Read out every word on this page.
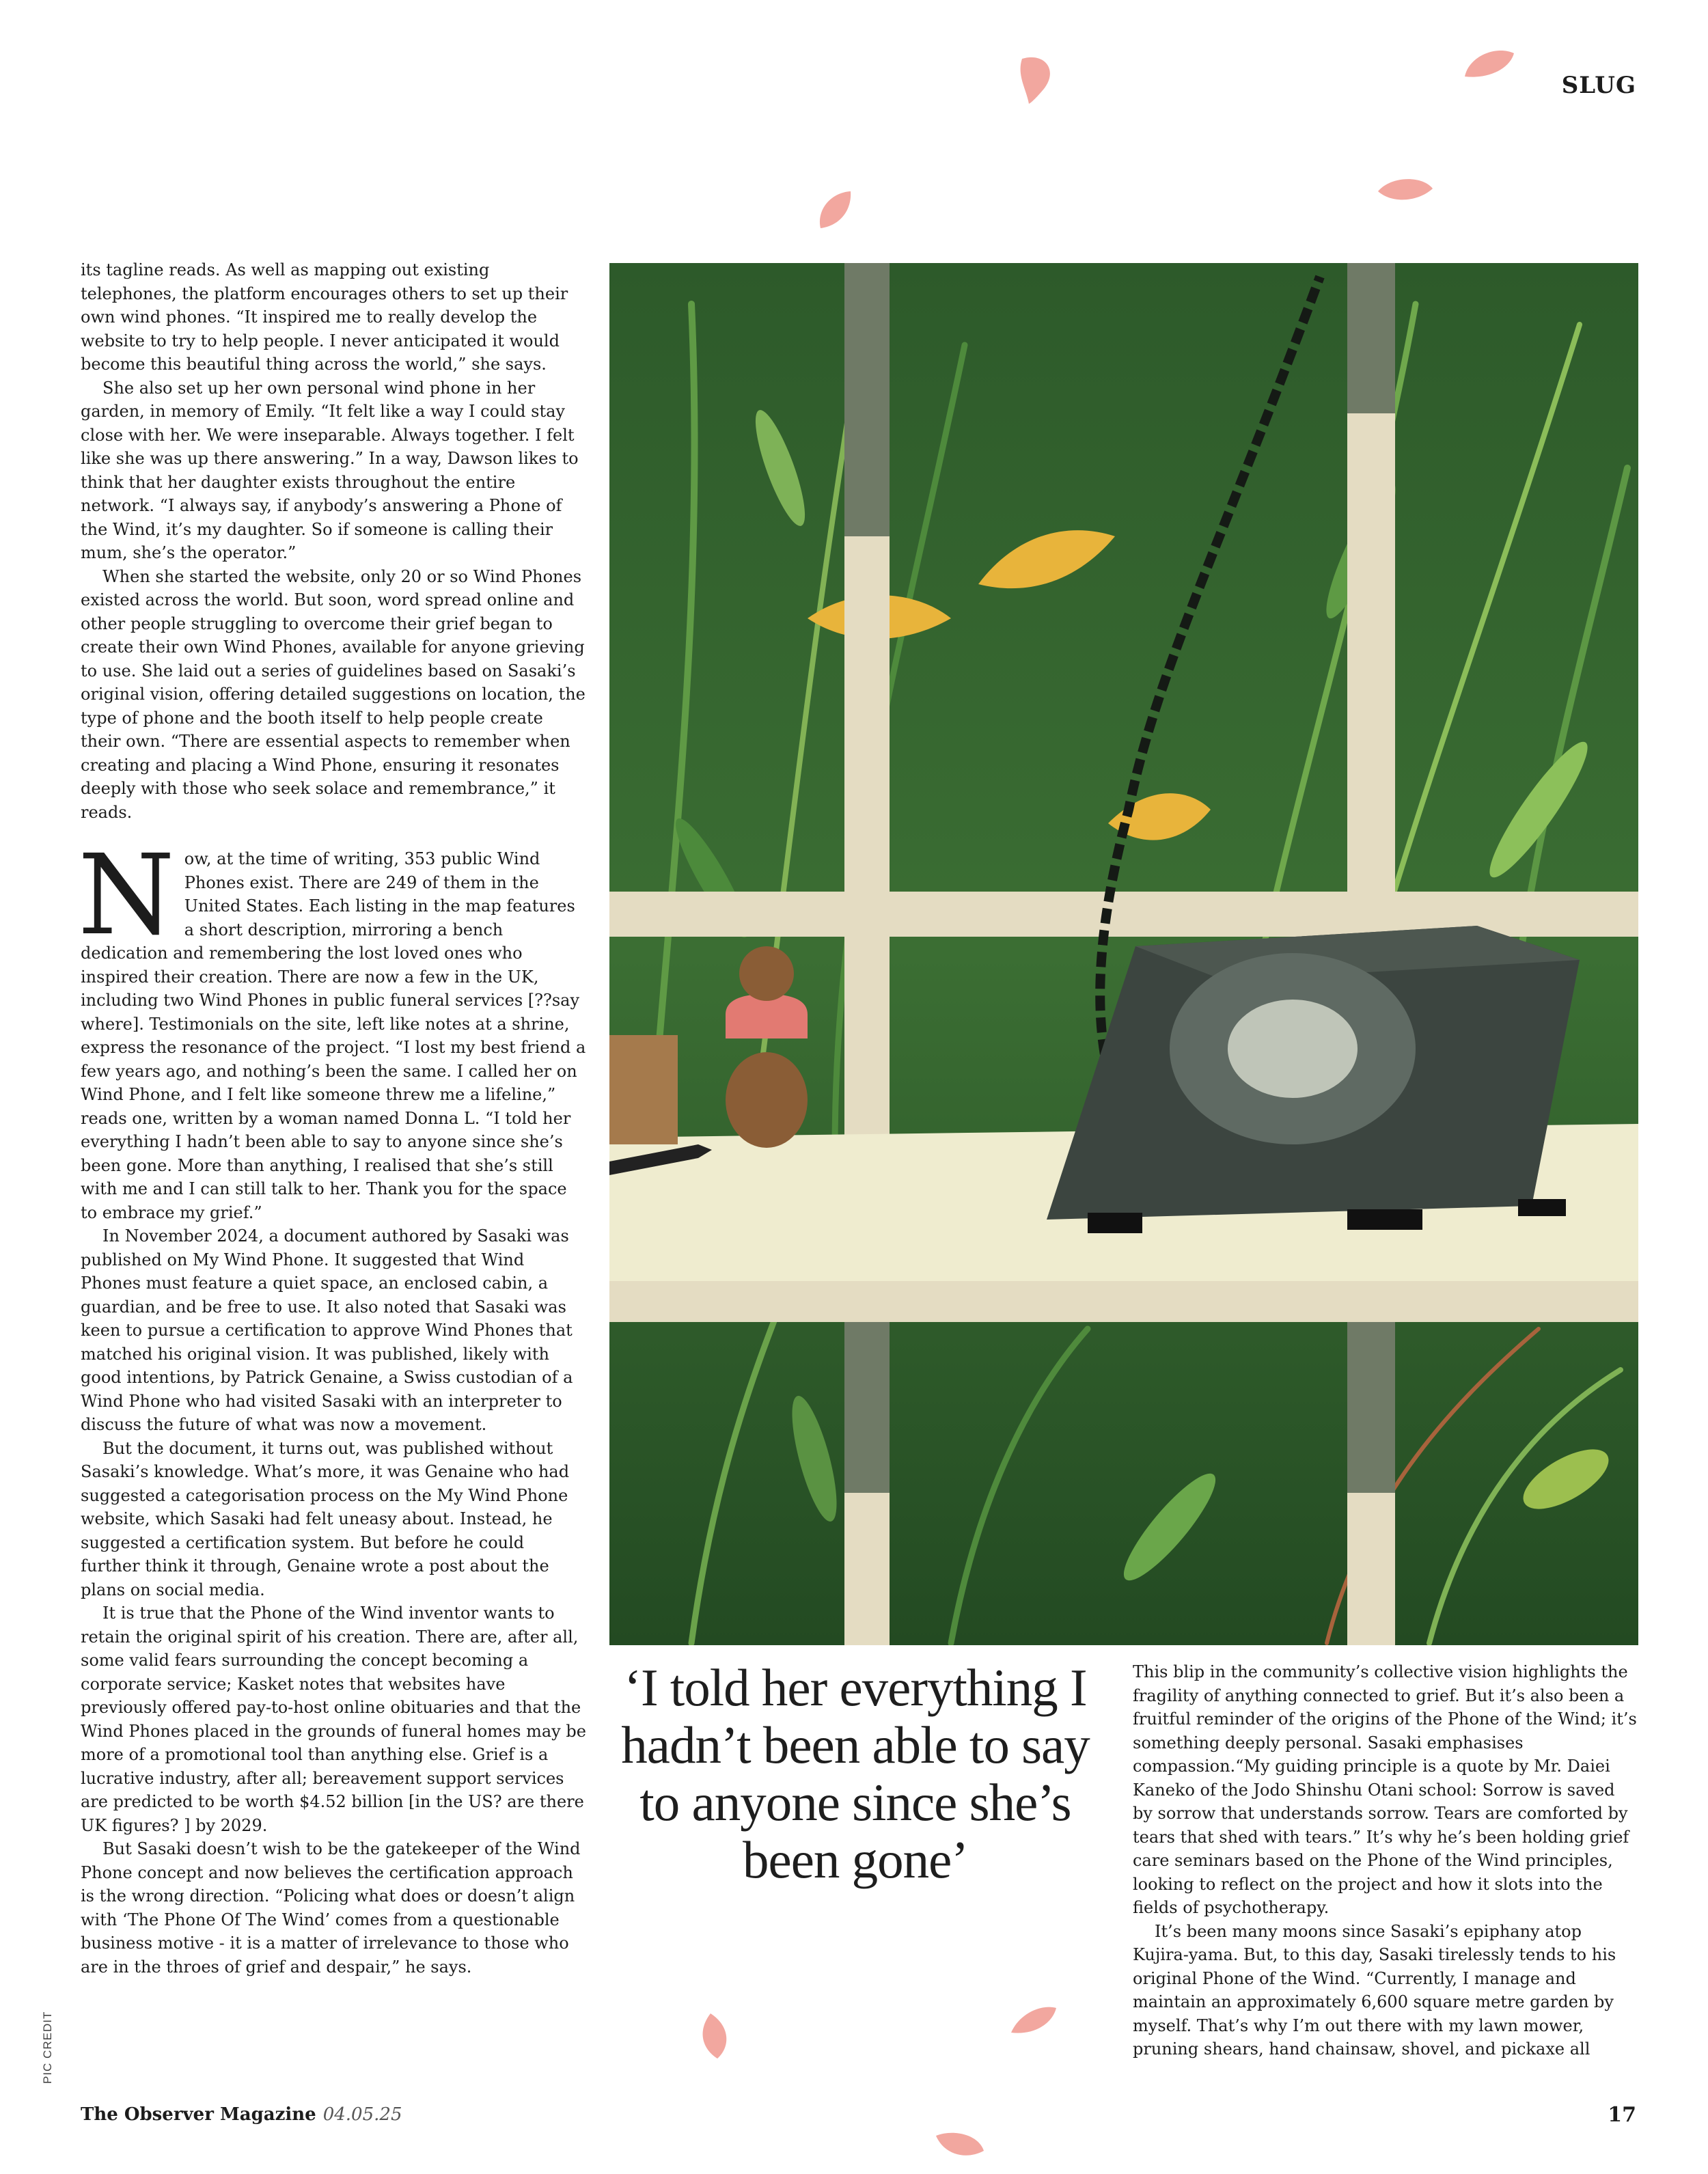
SLUG

its tagline reads. As well as mapping out existing telephones, the platform encourages others to set up their own wind phones. “It inspired me to really develop the website to try to help people. I never anticipated it would become this beautiful thing across the world,” she says.

She also set up her own personal wind phone in her garden, in memory of Emily. “It felt like a way I could stay close with her. We were inseparable. Always together. I felt like she was up there answering.” In a way, Dawson likes to think that her daughter exists throughout the entire network. “I always say, if anybody’s answering a Phone of the Wind, it’s my daughter. So if someone is calling their mum, she’s the operator.”

When she started the website, only 20 or so Wind Phones existed across the world. But soon, word spread online and other people struggling to overcome their grief began to create their own Wind Phones, available for anyone grieving to use. She laid out a series of guidelines based on Sasaki’s original vision, offering detailed suggestions on location, the type of phone and the booth itself to help people create their own. “There are essential aspects to remember when creating and placing a Wind Phone, ensuring it resonates deeply with those who seek solace and remembrance,” it reads.

Now, at the time of writing, 353 public Wind Phones exist. There are 249 of them in the United States. Each listing in the map features a short description, mirroring a bench dedication and remembering the lost loved ones who inspired their creation. There are now a few in the UK, including two Wind Phones in public funeral services [??say where]. Testimonials on the site, left like notes at a shrine, express the resonance of the project. “I lost my best friend a few years ago, and nothing’s been the same. I called her on Wind Phone, and I felt like someone threw me a lifeline,” reads one, written by a woman named Donna L. “I told her everything I hadn’t been able to say to anyone since she’s been gone. More than anything, I realised that she’s still with me and I can still talk to her. Thank you for the space to embrace my grief.”

In November 2024, a document authored by Sasaki was published on My Wind Phone. It suggested that Wind Phones must feature a quiet space, an enclosed cabin, a guardian, and be free to use. It also noted that Sasaki was keen to pursue a certification to approve Wind Phones that matched his original vision. It was published, likely with good intentions, by Patrick Genaine, a Swiss custodian of a Wind Phone who had visited Sasaki with an interpreter to discuss the future of what was now a movement.

But the document, it turns out, was published without Sasaki’s knowledge. What’s more, it was Genaine who had suggested a categorisation process on the My Wind Phone website, which Sasaki had felt uneasy about. Instead, he suggested a certification system. But before he could further think it through, Genaine wrote a post about the plans on social media.

It is true that the Phone of the Wind inventor wants to retain the original spirit of his creation. There are, after all, some valid fears surrounding the concept becoming a corporate service; Kasket notes that websites have previously offered pay-to-host online obituaries and that the Wind Phones placed in the grounds of funeral homes may be more of a promotional tool than anything else. Grief is a lucrative industry, after all; bereavement support services are predicted to be worth $4.52 billion [in the US? are there UK figures? ] by 2029.

But Sasaki doesn’t wish to be the gatekeeper of the Wind Phone concept and now believes the certification approach is the wrong direction. “Policing what does or doesn’t align with ‘The Phone Of The Wind’ comes from a questionable business motive - it is a matter of irrelevance to those who are in the throes of grief and despair,” he says.

‘I told her everything I hadn’t been able to say to anyone since she’s been gone’

This blip in the community’s collective vision highlights the fragility of anything connected to grief. But it’s also been a fruitful reminder of the origins of the Phone of the Wind; it’s something deeply personal. Sasaki emphasises compassion.“My guiding principle is a quote by Mr. Daiei Kaneko of the Jodo Shinshu Otani school: Sorrow is saved by sorrow that understands sorrow. Tears are comforted by tears that shed with tears.” It’s why he’s been holding grief care seminars based on the Phone of the Wind principles, looking to reflect on the project and how it slots into the fields of psychotherapy.

It’s been many moons since Sasaki’s epiphany atop Kujira-yama. But, to this day, Sasaki tirelessly tends to his original Phone of the Wind. “Currently, I manage and maintain an approximately 6,600 square metre garden by myself. That’s why I’m out there with my lawn mower, pruning shears, hand chainsaw, shovel, and pickaxe all

PIC CREDIT
The Observer Magazine 04.05.25	17
